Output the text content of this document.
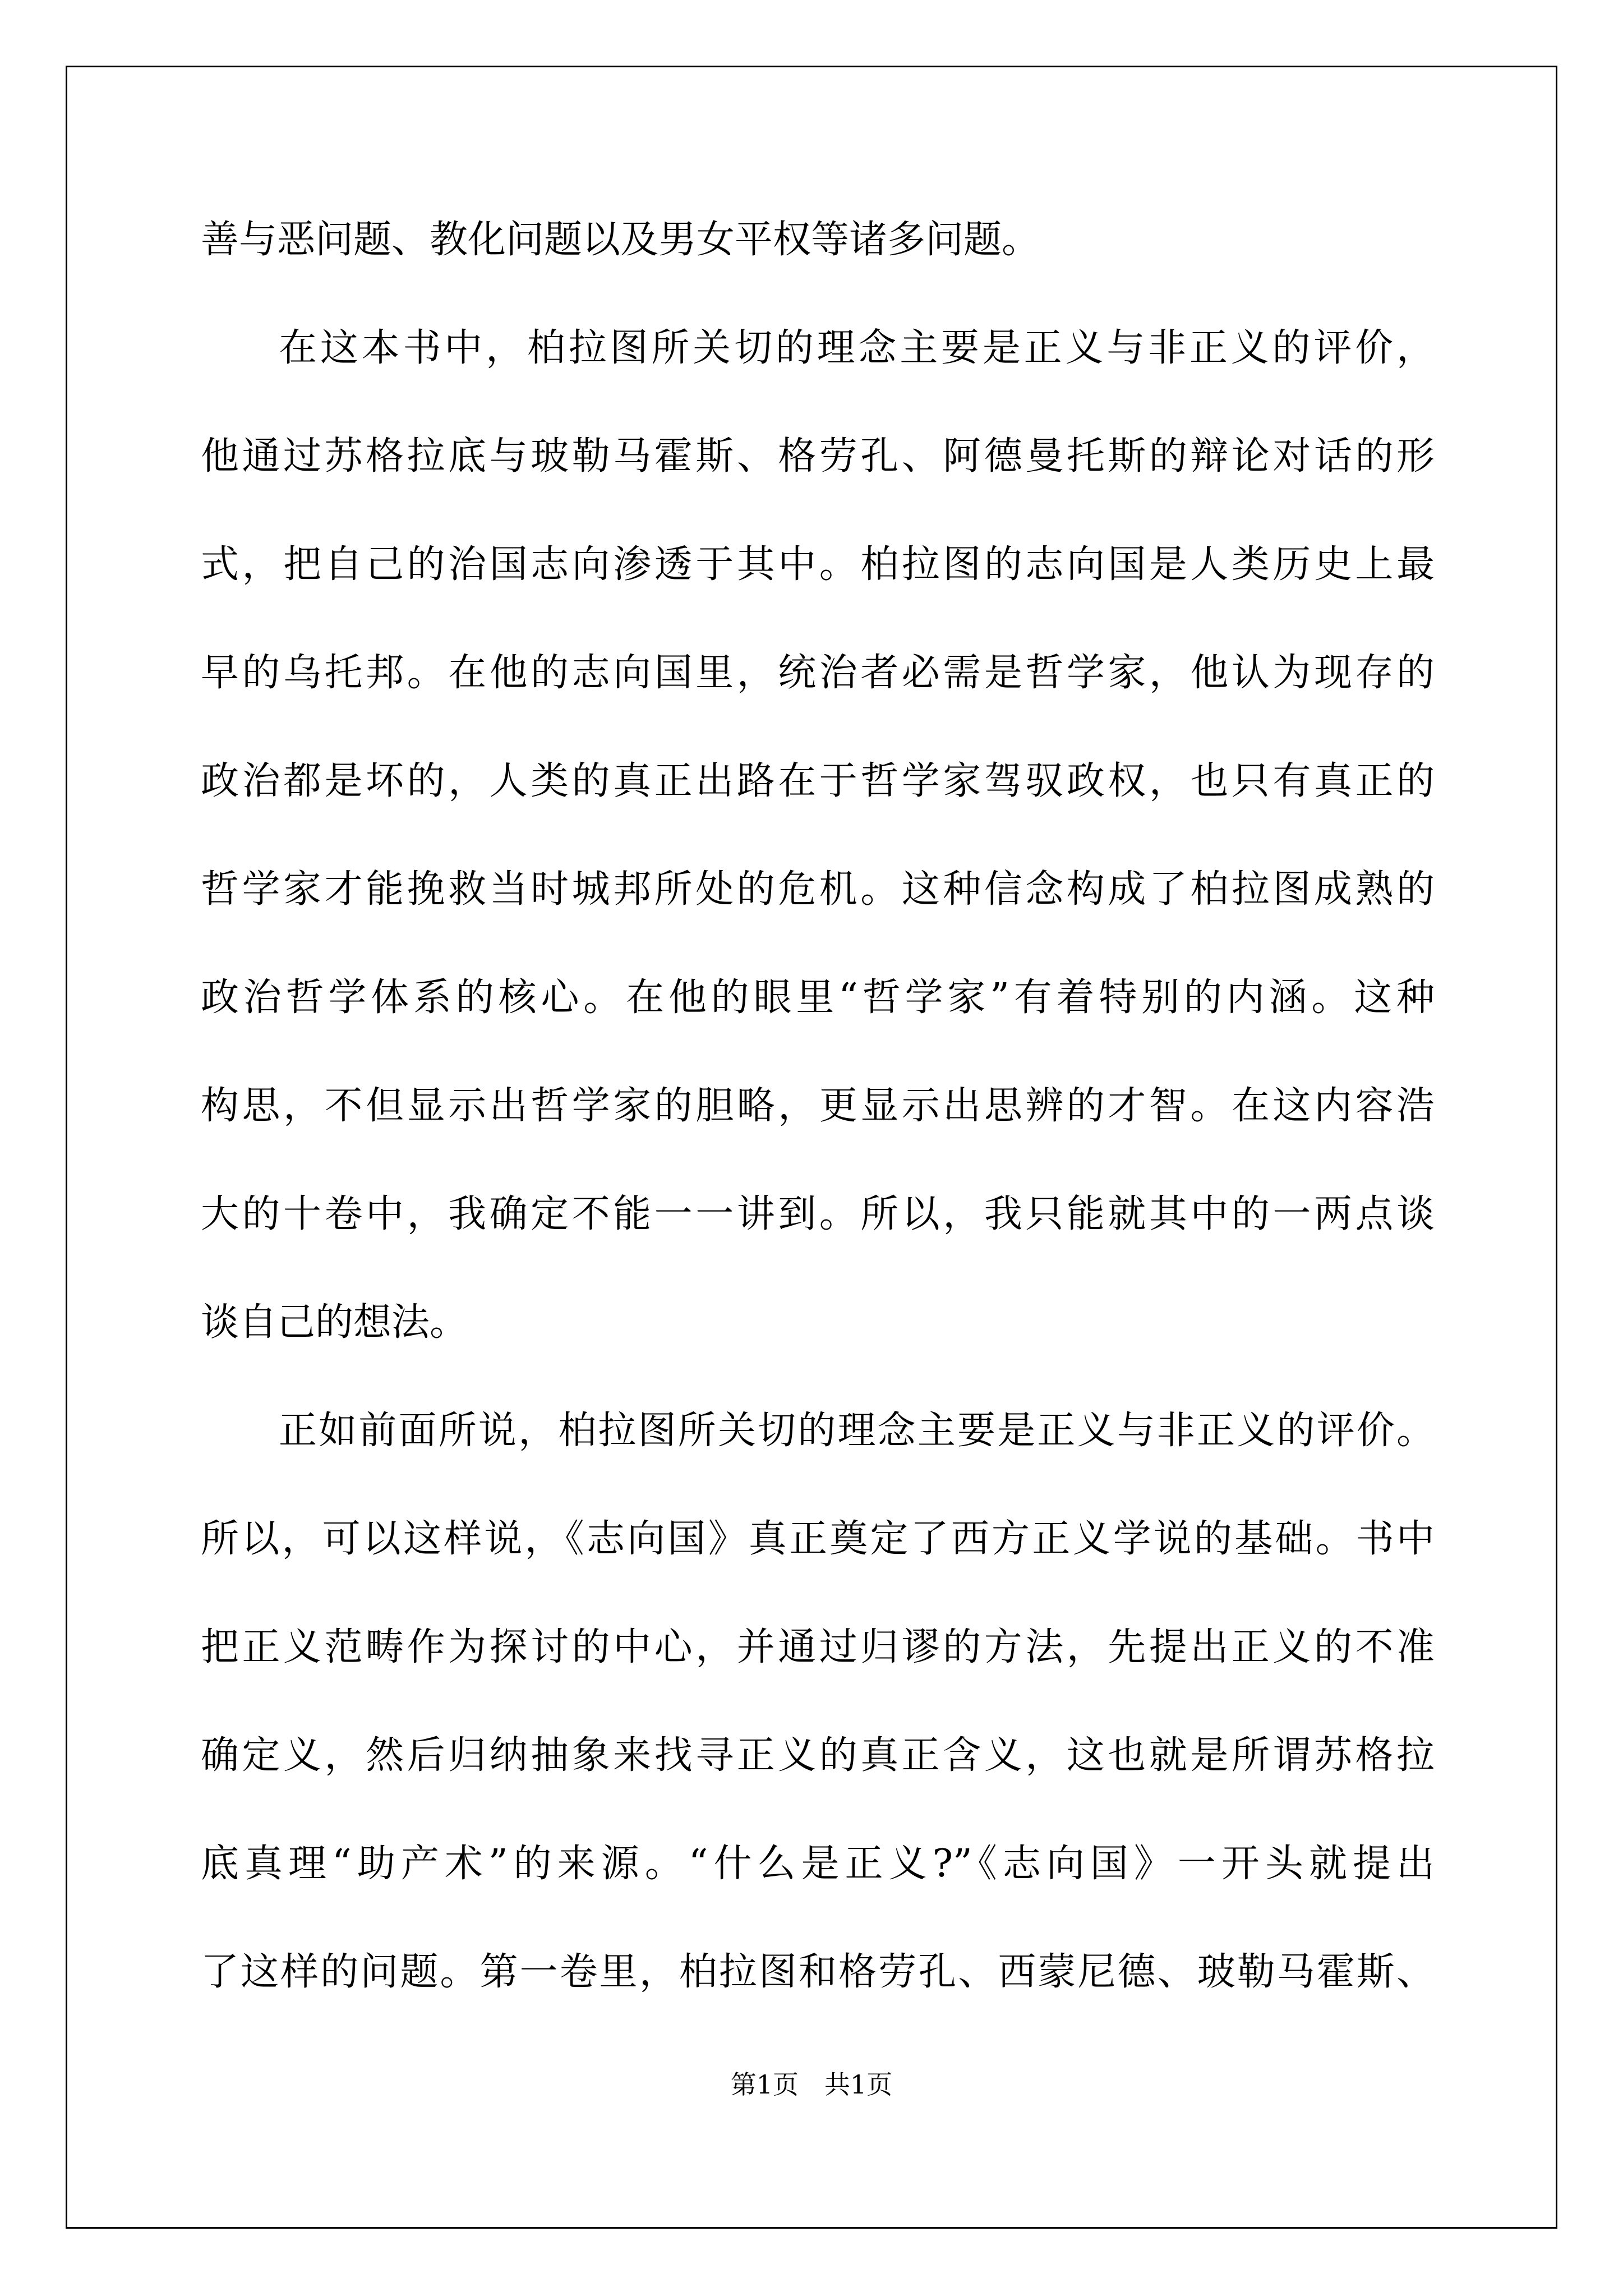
善与恶问题、教化问题以及男女平权等诸多问题。
在这本书中，柏拉图所关切的理念主要是正义与非正义的评价，
他通过苏格拉底与玻勒马霍斯、格劳孔、阿德曼托斯的辩论对话的形
式，把自己的治国志向渗透于其中。柏拉图的志向国是人类历史上最
早的乌托邦。在他的志向国里，统治者必需是哲学家，他认为现存的
政治都是坏的，人类的真正出路在于哲学家驾驭政权，也只有真正的
哲学家才能挽救当时城邦所处的危机。这种信念构成了柏拉图成熟的
政治哲学体系的核心。在他的眼里“哲学家”有着特别的内涵。这种
构思，不但显示出哲学家的胆略，更显示出思辨的才智。在这内容浩
大的十卷中，我确定不能一一讲到。所以，我只能就其中的一两点谈
谈自己的想法。
正如前面所说，柏拉图所关切的理念主要是正义与非正义的评价。
所以，可以这样说，《志向国》真正奠定了西方正义学说的基础。书中
把正义范畴作为探讨的中心，并通过归谬的方法，先提出正义的不准
确定义，然后归纳抽象来找寻正义的真正含义，这也就是所谓苏格拉
底真理“助产术”的来源。“什么是正义?”《志向国》一开头就提出
了这样的问题。第一卷里，柏拉图和格劳孔、西蒙尼德、玻勒马霍斯、
第1页　共1页
